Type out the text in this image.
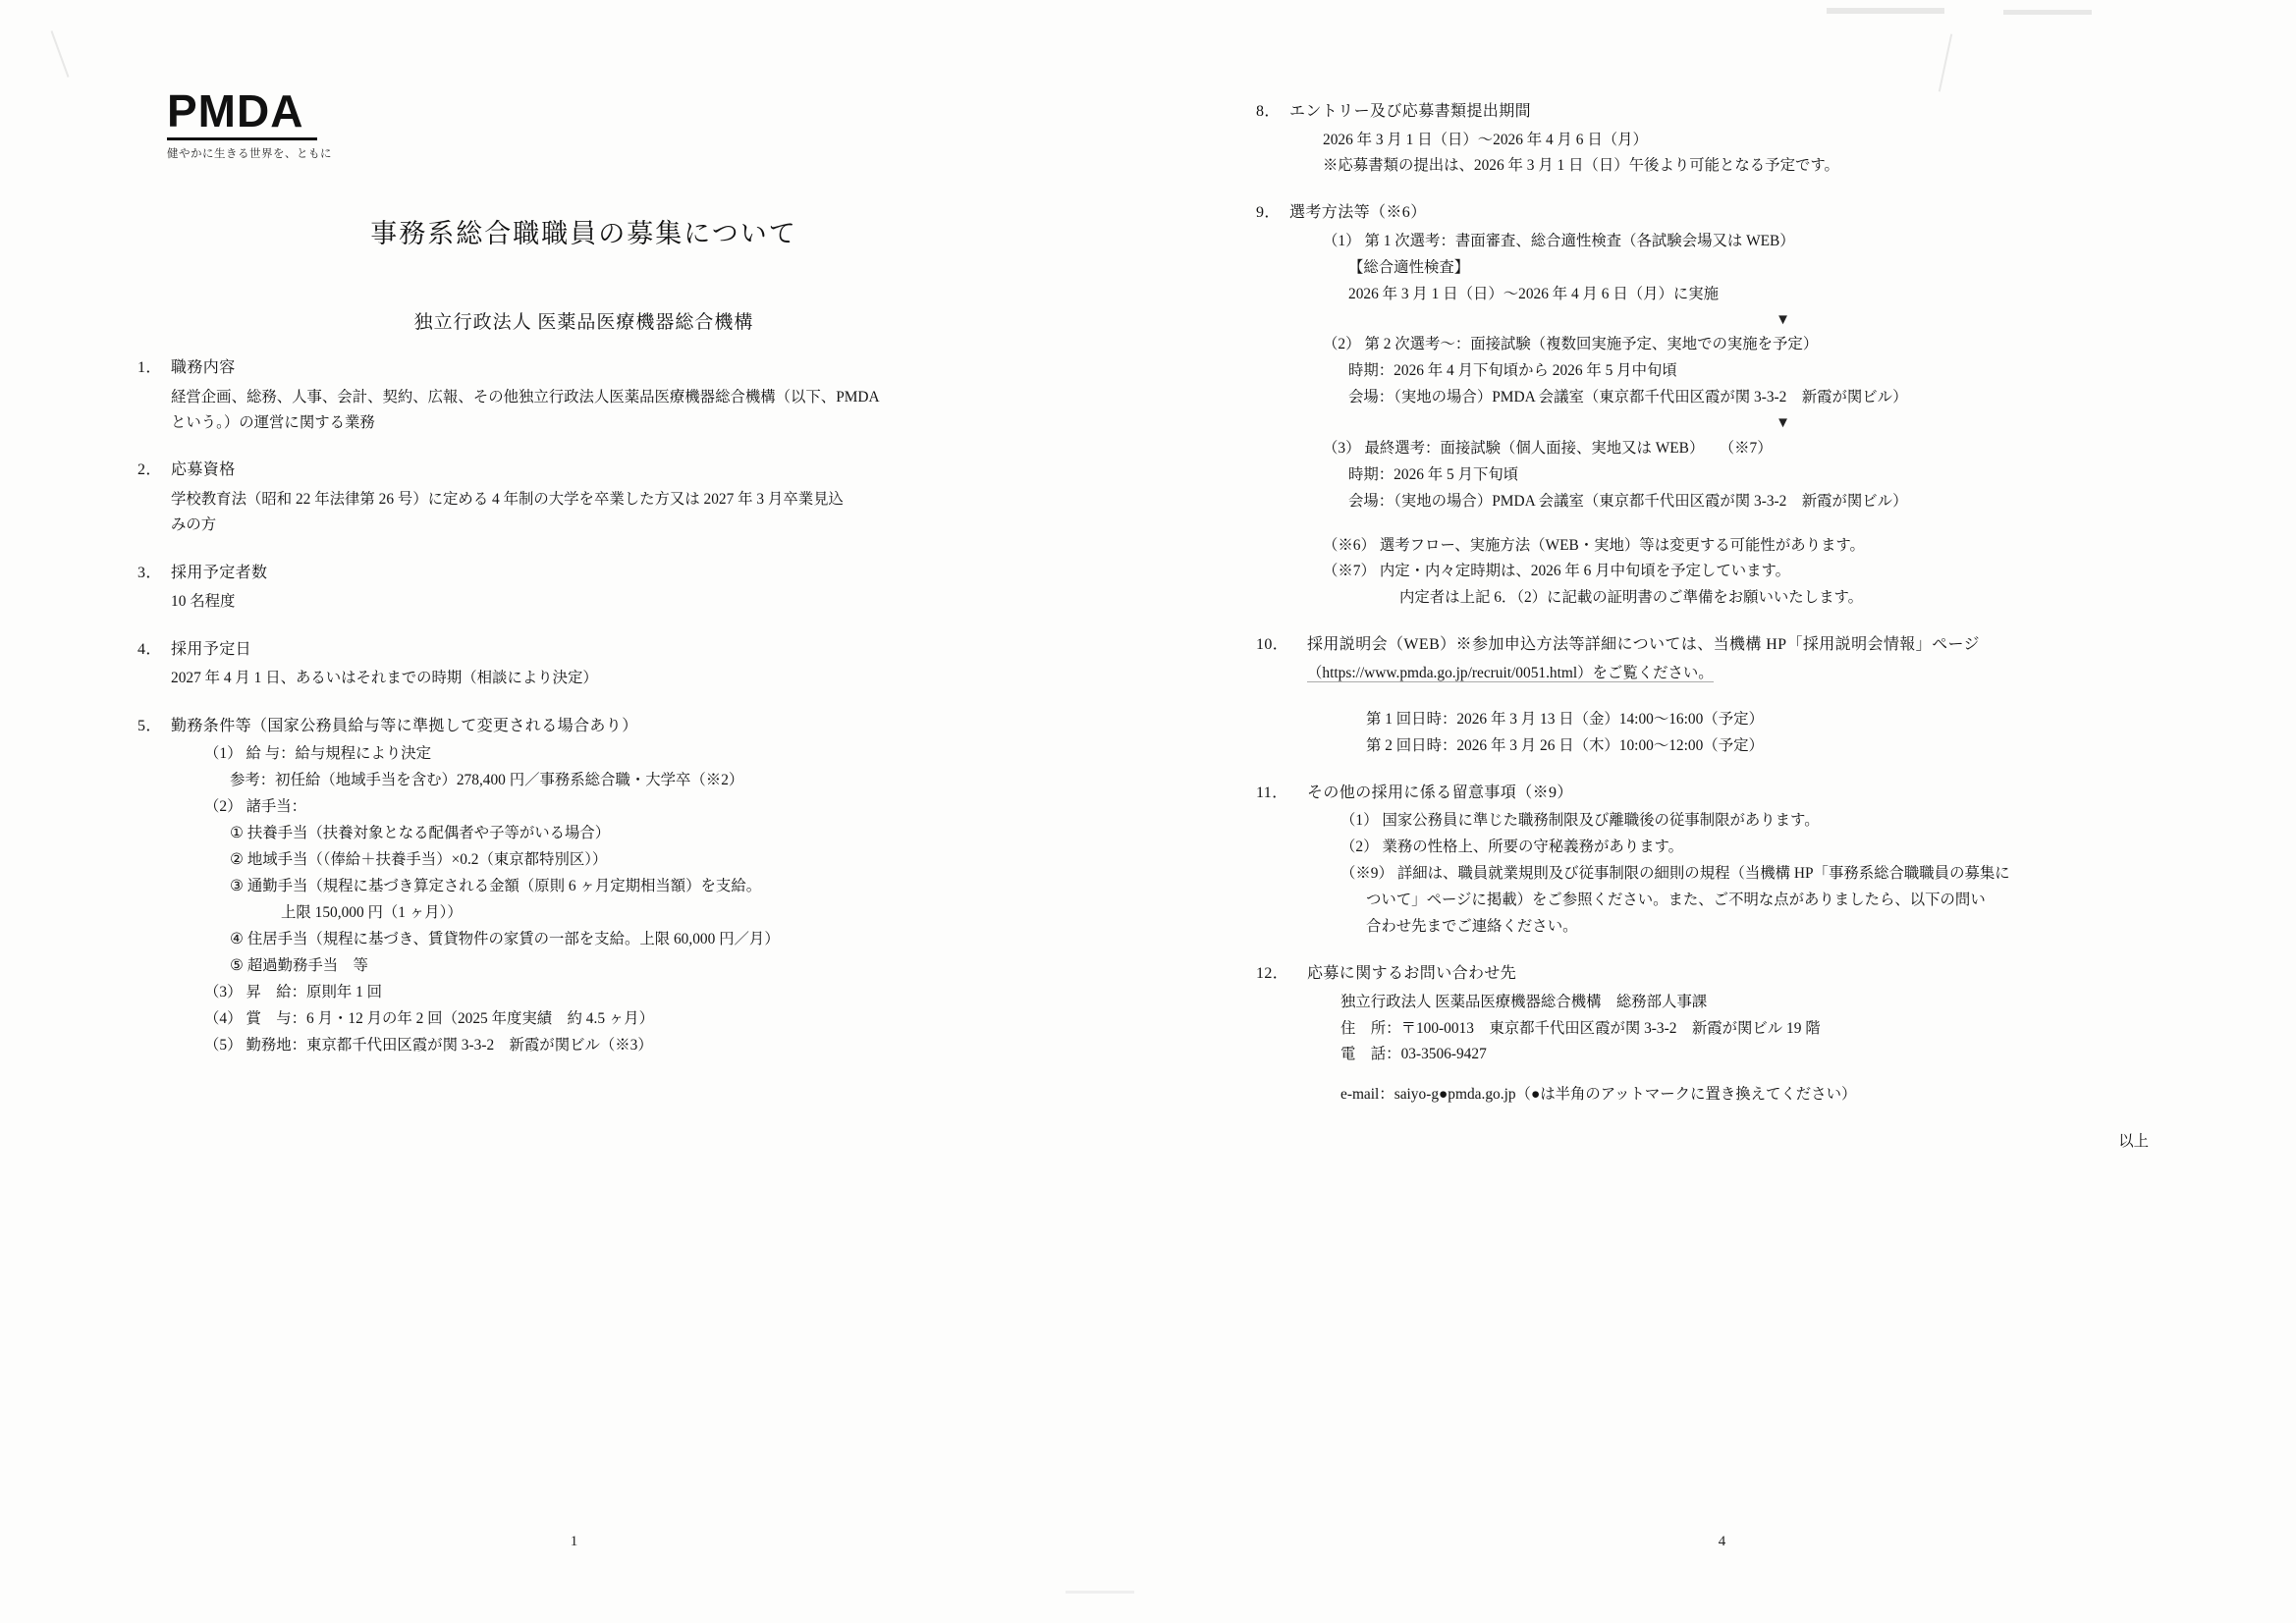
PMDA
健やかに生きる世界を、ともに
事務系総合職職員の募集について
独立行政法人 医薬品医療機器総合機構
1． 職務内容
経営企画、総務、人事、会計、契約、広報、その他独立行政法人医薬品医療機器総合機構（以下、PMDA
という。）の運営に関する業務
2． 応募資格
学校教育法（昭和 22 年法律第 26 号）に定める 4 年制の大学を卒業した方又は 2027 年 3 月卒業見込
みの方
3． 採用予定者数
10 名程度
4． 採用予定日
2027 年 4 月 1 日、あるいはそれまでの時期（相談により決定）
5． 勤務条件等（国家公務員給与等に準拠して変更される場合あり）
（1） 給 与：給与規程により決定
参考：初任給（地域手当を含む）278,400 円／事務系総合職・大学卒（※2）
（2） 諸手当：
① 扶養手当（扶養対象となる配偶者や子等がいる場合）
② 地域手当（（俸給＋扶養手当）×0.2（東京都特別区））
③ 通勤手当（規程に基づき算定される金額（原則 6 ヶ月定期相当額）を支給。
上限 150,000 円（1 ヶ月））
④ 住居手当（規程に基づき、賃貸物件の家賃の一部を支給。上限 60,000 円／月）
⑤ 超過勤務手当　等
（3） 昇　給：原則年 1 回
（4） 賞　与：6 月・12 月の年 2 回（2025 年度実績　約 4.5 ヶ月）
（5） 勤務地：東京都千代田区霞が関 3-3-2　新霞が関ビル（※3）
1
8． エントリー及び応募書類提出期間
2026 年 3 月 1 日（日）～2026 年 4 月 6 日（月）
※応募書類の提出は、2026 年 3 月 1 日（日）午後より可能となる予定です。
9． 選考方法等（※6）
（1） 第 1 次選考：書面審査、総合適性検査（各試験会場又は WEB）
【総合適性検査】
2026 年 3 月 1 日（日）～2026 年 4 月 6 日（月）に実施
▼
（2） 第 2 次選考～：面接試験（複数回実施予定、実地での実施を予定）
時期：2026 年 4 月下旬頃から 2026 年 5 月中旬頃
会場：（実地の場合）PMDA 会議室（東京都千代田区霞が関 3-3-2　新霞が関ビル）
▼
（3） 最終選考：面接試験（個人面接、実地又は WEB）　　（※7）
時期：2026 年 5 月下旬頃
会場：（実地の場合）PMDA 会議室（東京都千代田区霞が関 3-3-2　新霞が関ビル）
（※6） 選考フロー、実施方法（WEB・実地）等は変更する可能性があります。
（※7） 内定・内々定時期は、2026 年 6 月中旬頃を予定しています。
内定者は上記 6．（2）に記載の証明書のご準備をお願いいたします。
10．	採用説明会（WEB）※参加申込方法等詳細については、当機構 HP「採用説明会情報」ページ
（https://www.pmda.go.jp/recruit/0051.html）をご覧ください。
第 1 回日時：2026 年 3 月 13 日（金）14:00～16:00（予定）
第 2 回日時：2026 年 3 月 26 日（木）10:00～12:00（予定）
11．	その他の採用に係る留意事項（※9）
（1） 国家公務員に準じた職務制限及び離職後の従事制限があります。
（2） 業務の性格上、所要の守秘義務があります。
（※9） 詳細は、職員就業規則及び従事制限の細則の規程（当機構 HP「事務系総合職職員の募集に
ついて」ページに掲載）をご参照ください。また、ご不明な点がありましたら、以下の問い
合わせ先までご連絡ください。
12．	応募に関するお問い合わせ先
独立行政法人 医薬品医療機器総合機構　総務部人事課
住　所：〒100-0013　東京都千代田区霞が関 3-3-2　新霞が関ビル 19 階
電　話：03-3506-9427
e-mail：saiyo-g●pmda.go.jp（●は半角のアットマークに置き換えてください）
以上
4
